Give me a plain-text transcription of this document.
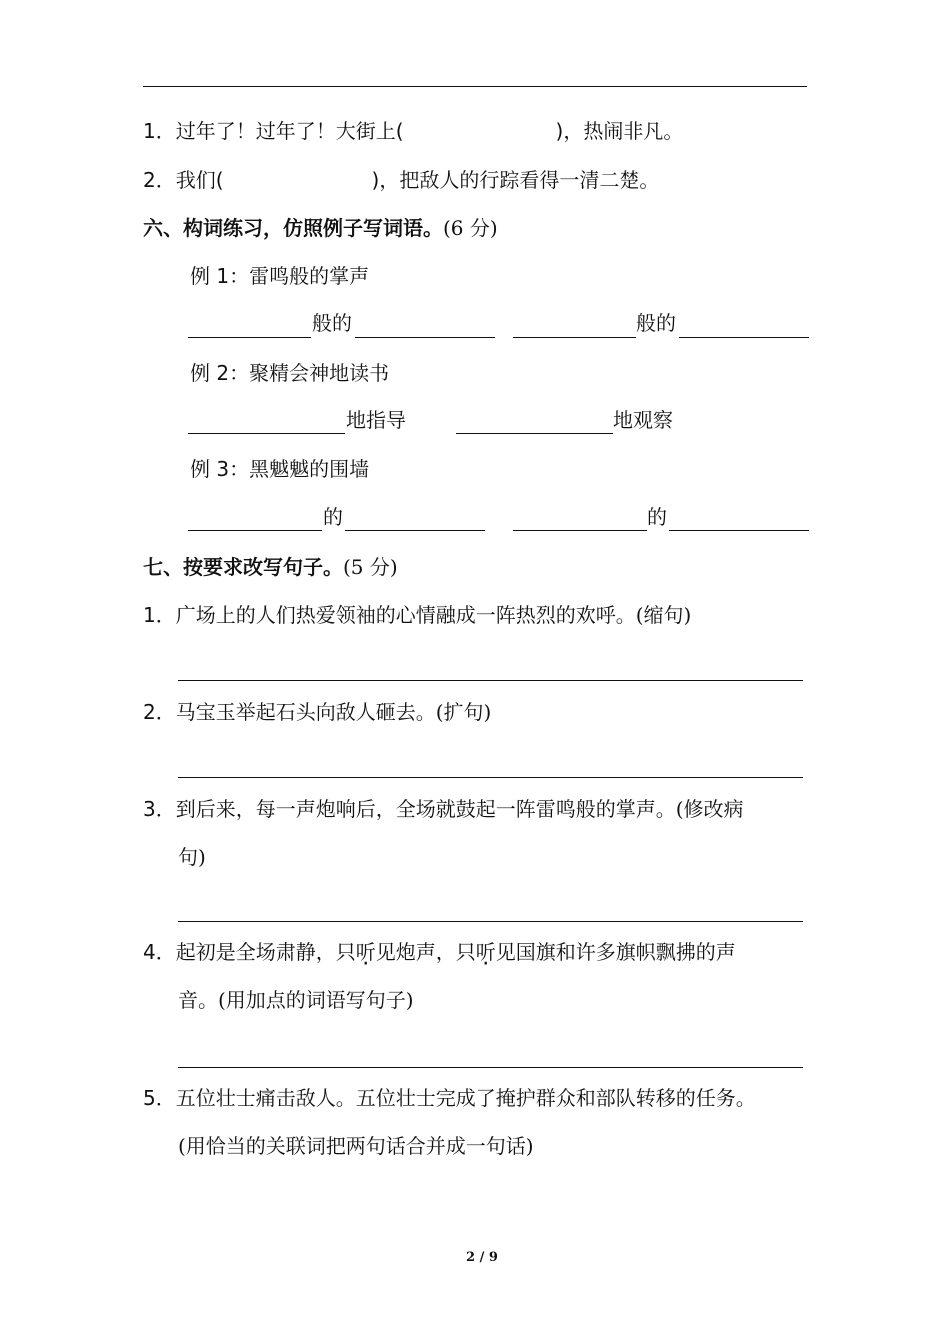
1．过年了！过年了！大街上(	)，热闹非凡。
2．我们(	)，把敌人的行踪看得一清二楚。
六、构词练习，仿照例子写词语。(6 分)
例 1：雷鸣般的掌声
般的	般的
例 2：聚精会神地读书
地指导	地观察
例 3：黑魆魆的围墙
的	的
七、按要求改写句子。(5 分)
1．广场上的人们热爱领袖的心情融成一阵热烈的欢呼。(缩句)
2．马宝玉举起石头向敌人砸去。(扩句)
3．到后来，每一声炮响后，全场就鼓起一阵雷鸣般的掌声。(修改病
句)
4．起初是全场肃静，只听见炮声，只听见国旗和许多旗帜飘拂的声
音。(用加点的词语写句子)
5．五位壮士痛击敌人。五位壮士完成了掩护群众和部队转移的任务。
(用恰当的关联词把两句话合并成一句话)
2 / 9
